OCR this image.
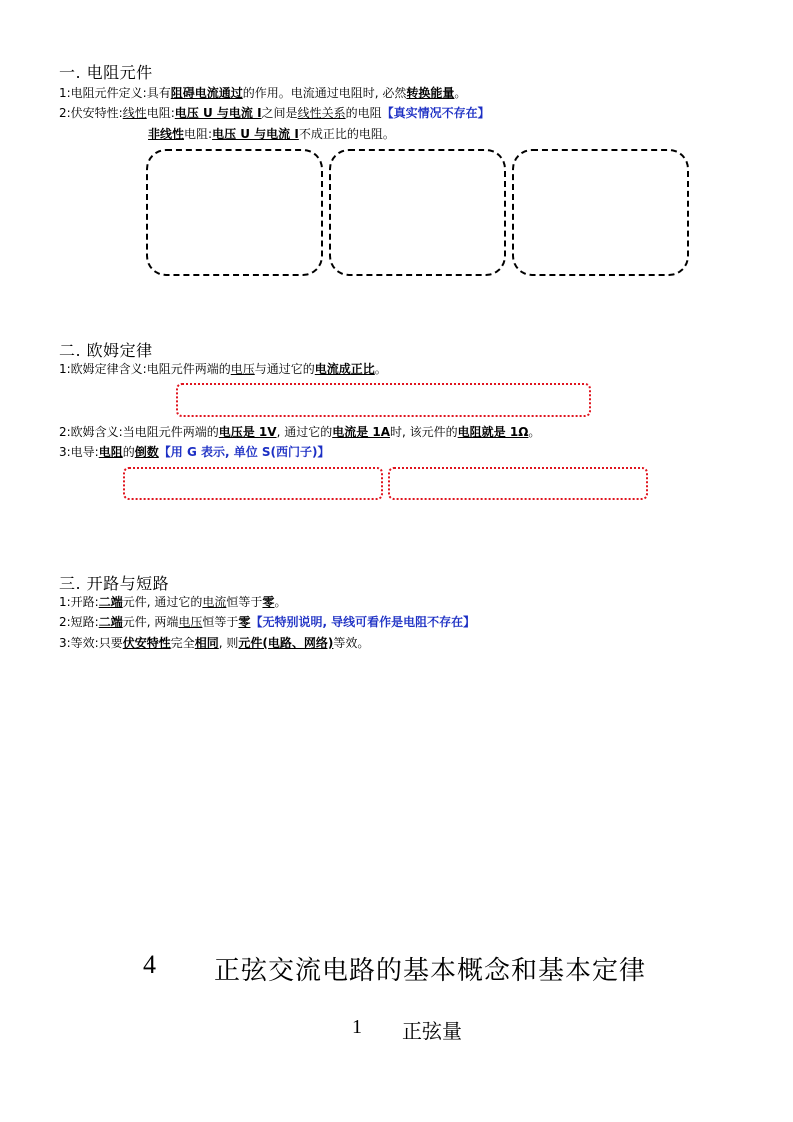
一. 电阻元件
1:电阻元件定义:具有阻碍电流通过的作用。电流通过电阻时, 必然转换能量。
2:伏安特性:线性电阻:电压 U 与电流 I之间是线性关系的电阻【真实情况不存在】
非线性电阻:电压 U 与电流 I不成正比的电阻。
二. 欧姆定律
1:欧姆定律含义:电阻元件两端的电压与通过它的电流成正比。
2:欧姆含义:当电阻元件两端的电压是 1V, 通过它的电流是 1A时, 该元件的电阻就是 1Ω。
3:电导:电阻的倒数【用 G 表示, 单位 S(西门子)】
三. 开路与短路
1:开路:二端元件, 通过它的电流恒等于零。
2:短路:二端元件, 两端电压恒等于零【无特别说明, 导线可看作是电阻不存在】
3:等效:只要伏安特性完全相同, 则元件(电路、网络)等效。
4 正弦交流电路的基本概念和基本定律
1 正弦量
